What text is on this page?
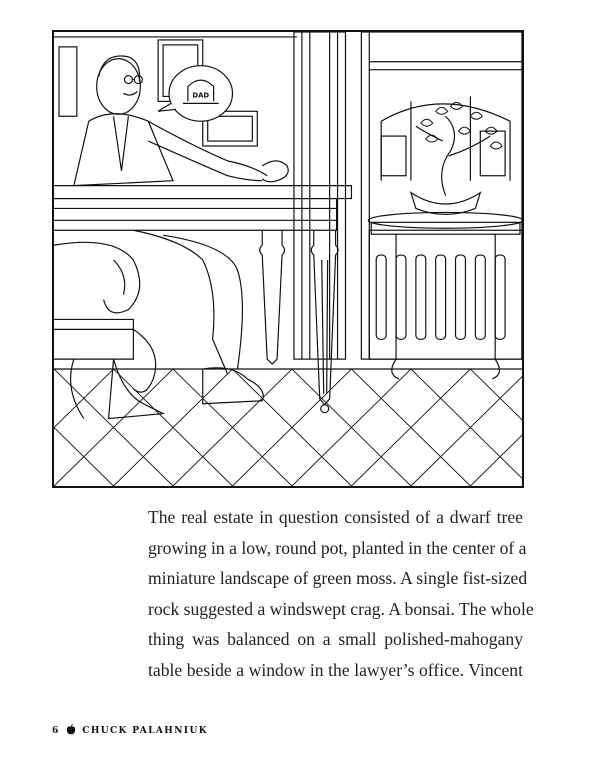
DAD
The real estate in question consisted of a dwarf tree
growing in a low, round pot, planted in the center of a
miniature landscape of green moss. A single fist-sized
rock suggested a windswept crag. A bonsai. The whole
thing was balanced on a small polished-mahogany
table beside a window in the lawyer’s office. Vincent
6	CHUCK PALAHNIUK
